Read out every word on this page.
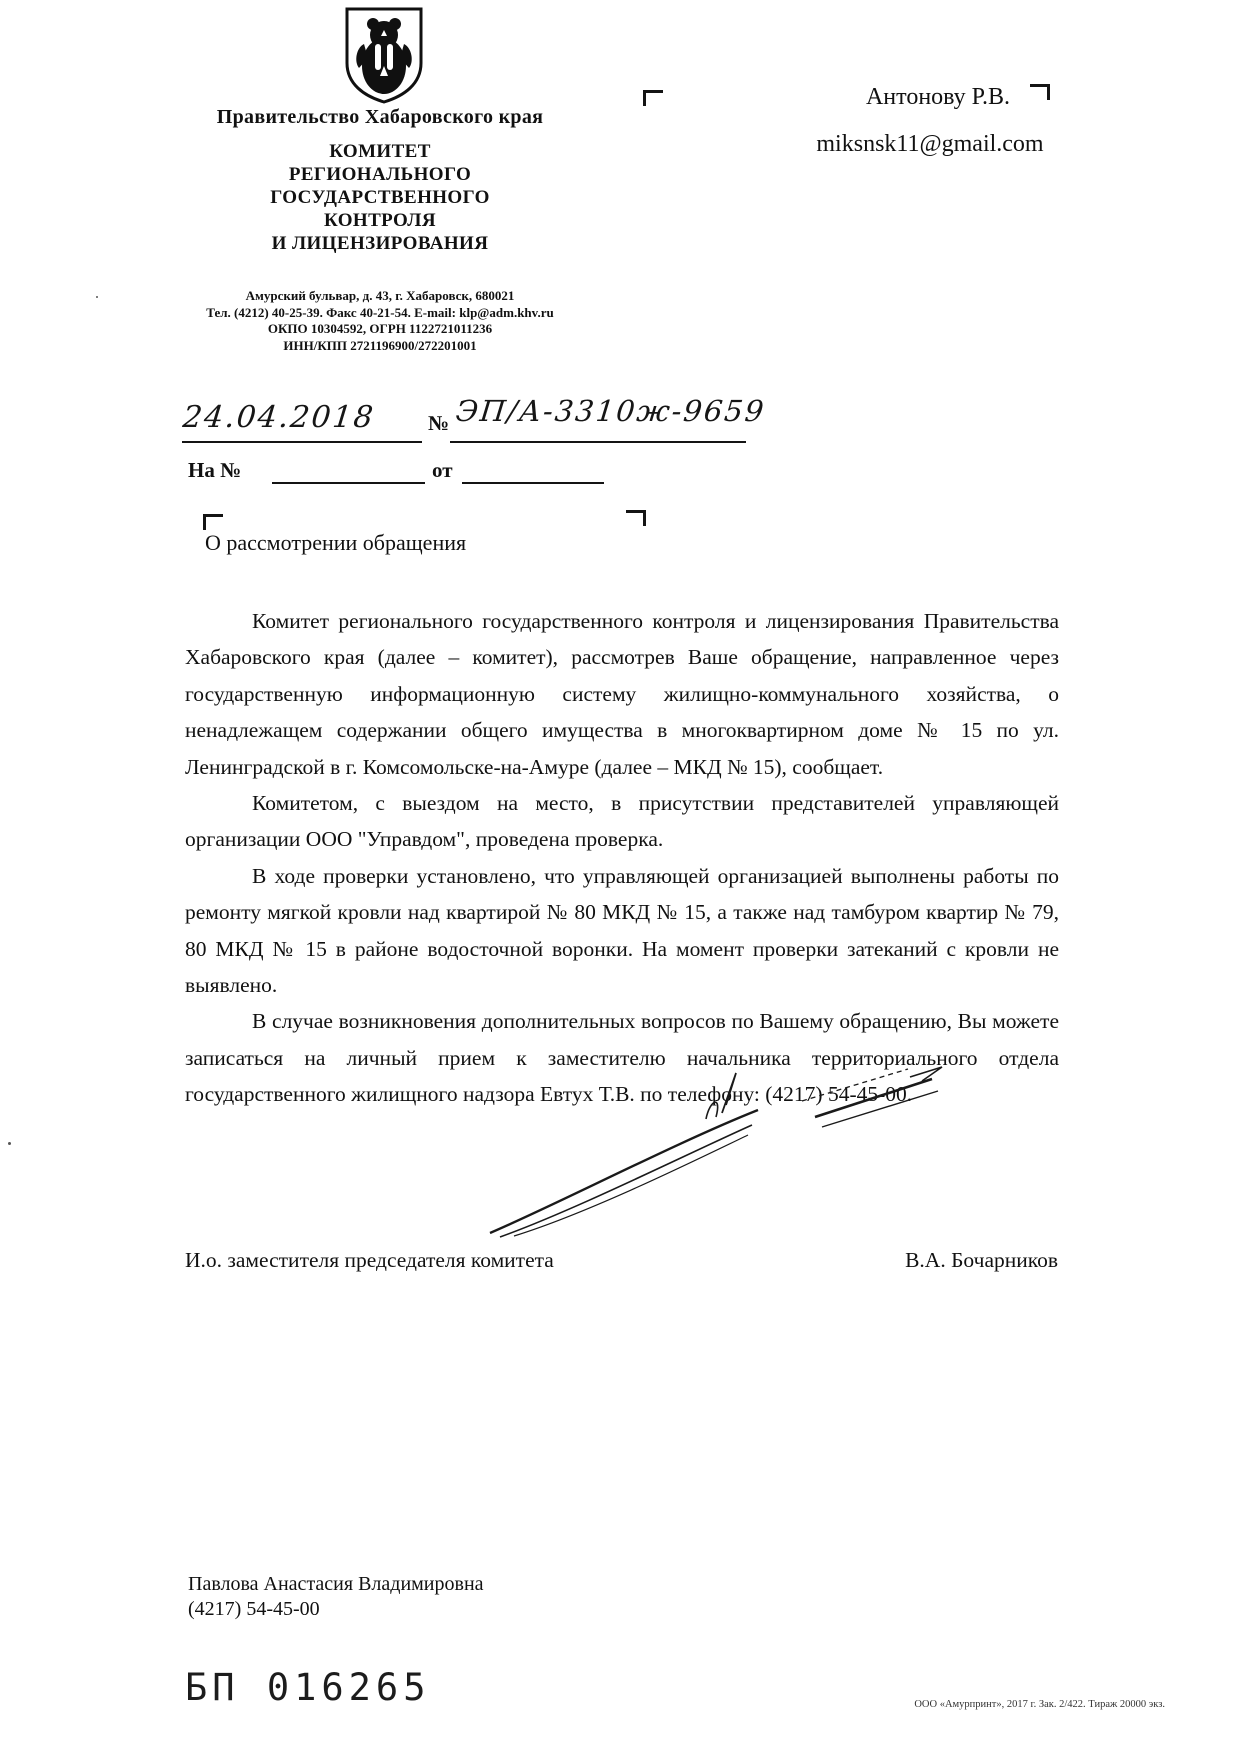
Правительство Хабаровского края
КОМИТЕТ
РЕГИОНАЛЬНОГО
ГОСУДАРСТВЕННОГО
КОНТРОЛЯ
И ЛИЦЕНЗИРОВАНИЯ
Амурский бульвар, д. 43, г. Хабаровск, 680021
Тел. (4212) 40-25-39. Факс 40-21-54. E-mail: klp@adm.khv.ru
ОКПО 10304592, ОГРН 1122721011236
ИНН/КПП 2721196900/272201001
24.04.2018 № ЭП/А-3310ж-9659
На №	от
Антонову Р.В.
miksnsk11@gmail.com
О рассмотрении обращения

Комитет регионального государственного контроля и лицензирования Правительства Хабаровского края (далее – комитет), рассмотрев Ваше обращение, направленное через государственную информационную систему жилищно-коммунального хозяйства, о ненадлежащем содержании общего имущества в многоквартирном доме № 15 по ул. Ленинградской в г. Комсомольске-на-Амуре (далее – МКД № 15), сообщает.

Комитетом, с выездом на место, в присутствии представителей управляющей организации ООО "Управдом", проведена проверка.

В ходе проверки установлено, что управляющей организацией выполнены работы по ремонту мягкой кровли над квартирой № 80 МКД № 15, а также над тамбуром квартир № 79, 80 МКД № 15 в районе водосточной воронки. На момент проверки затеканий с кровли не выявлено.

В случае возникновения дополнительных вопросов по Вашему обращению, Вы можете записаться на личный прием к заместителю начальника территориального отдела государственного жилищного надзора Евтух Т.В. по телефону: (4217) 54-45-00.

И.о. заместителя председателя комитета	В.А. Бочарников
Павлова Анастасия Владимировна
(4217) 54-45-00
БП 016265	ООО «Амурпринт», 2017 г. Зак. 2/422. Тираж 20000 экз.
